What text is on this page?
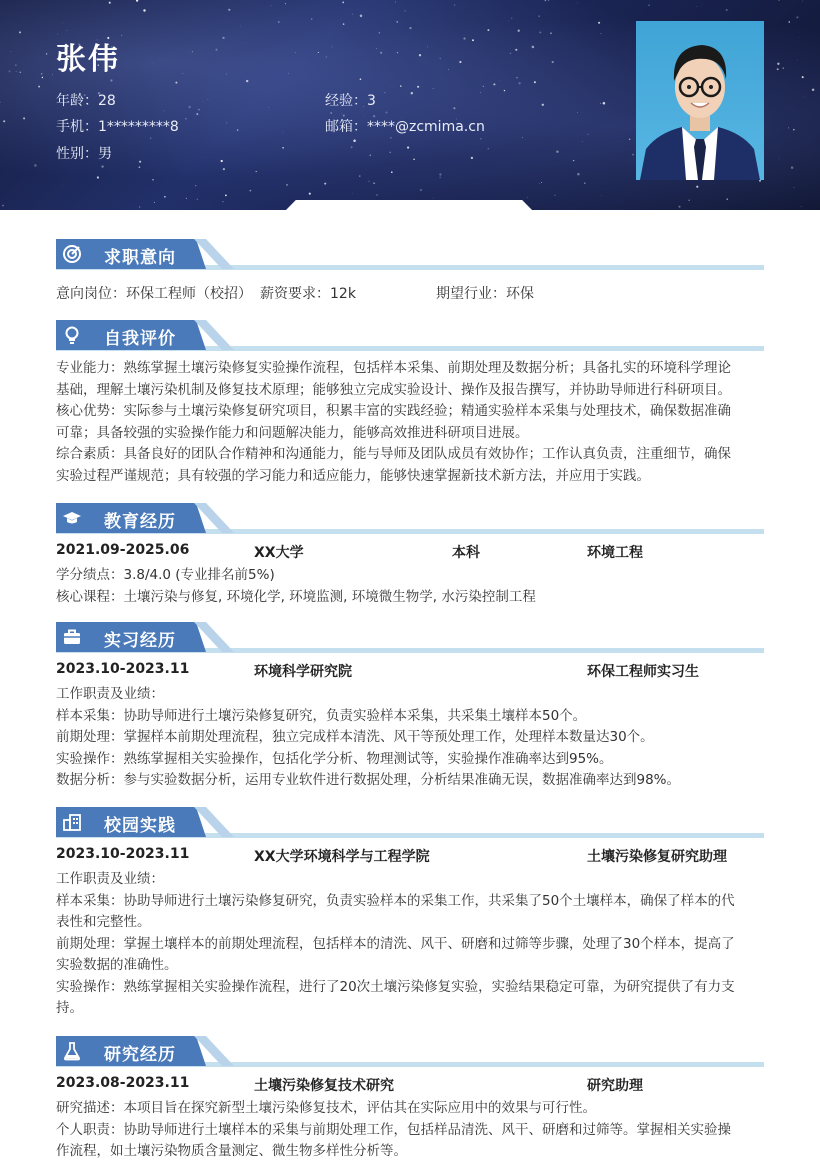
张伟
年龄：28	经验：3
手机：1*********8	邮箱：****@zcmima.cn
性别：男
求职意向
意向岗位：环保工程师（校招） 薪资要求：12k	期望行业：环保
自我评价
专业能力：熟练掌握土壤污染修复实验操作流程，包括样本采集、前期处理及数据分析；具备扎实的环境科学理论
基础，理解土壤污染机制及修复技术原理；能够独立完成实验设计、操作及报告撰写，并协助导师进行科研项目。
核心优势：实际参与土壤污染修复研究项目，积累丰富的实践经验；精通实验样本采集与处理技术，确保数据准确
可靠；具备较强的实验操作能力和问题解决能力，能够高效推进科研项目进展。
综合素质：具备良好的团队合作精神和沟通能力，能与导师及团队成员有效协作；工作认真负责，注重细节，确保
实验过程严谨规范；具有较强的学习能力和适应能力，能够快速掌握新技术新方法，并应用于实践。
教育经历
2021.09-2025.06	XX大学	本科	环境工程
学分绩点：3.8/4.0 (专业排名前5%)
核心课程：土壤污染与修复, 环境化学, 环境监测, 环境微生物学, 水污染控制工程
实习经历
2023.10-2023.11	环境科学研究院	环保工程师实习生
工作职责及业绩：
样本采集：协助导师进行土壤污染修复研究，负责实验样本采集，共采集土壤样本50个。
前期处理：掌握样本前期处理流程，独立完成样本清洗、风干等预处理工作，处理样本数量达30个。
实验操作：熟练掌握相关实验操作，包括化学分析、物理测试等，实验操作准确率达到95%。
数据分析：参与实验数据分析，运用专业软件进行数据处理，分析结果准确无误，数据准确率达到98%。
校园实践
2023.10-2023.11	XX大学环境科学与工程学院	土壤污染修复研究助理
工作职责及业绩：
样本采集：协助导师进行土壤污染修复研究，负责实验样本的采集工作，共采集了50个土壤样本，确保了样本的代
表性和完整性。
前期处理：掌握土壤样本的前期处理流程，包括样本的清洗、风干、研磨和过筛等步骤，处理了30个样本，提高了
实验数据的准确性。
实验操作：熟练掌握相关实验操作流程，进行了20次土壤污染修复实验，实验结果稳定可靠，为研究提供了有力支
持。
研究经历
2023.08-2023.11	土壤污染修复技术研究	研究助理
研究描述：本项目旨在探究新型土壤污染修复技术，评估其在实际应用中的效果与可行性。
个人职责：协助导师进行土壤样本的采集与前期处理工作，包括样品清洗、风干、研磨和过筛等。掌握相关实验操
作流程，如土壤污染物质含量测定、微生物多样性分析等。
